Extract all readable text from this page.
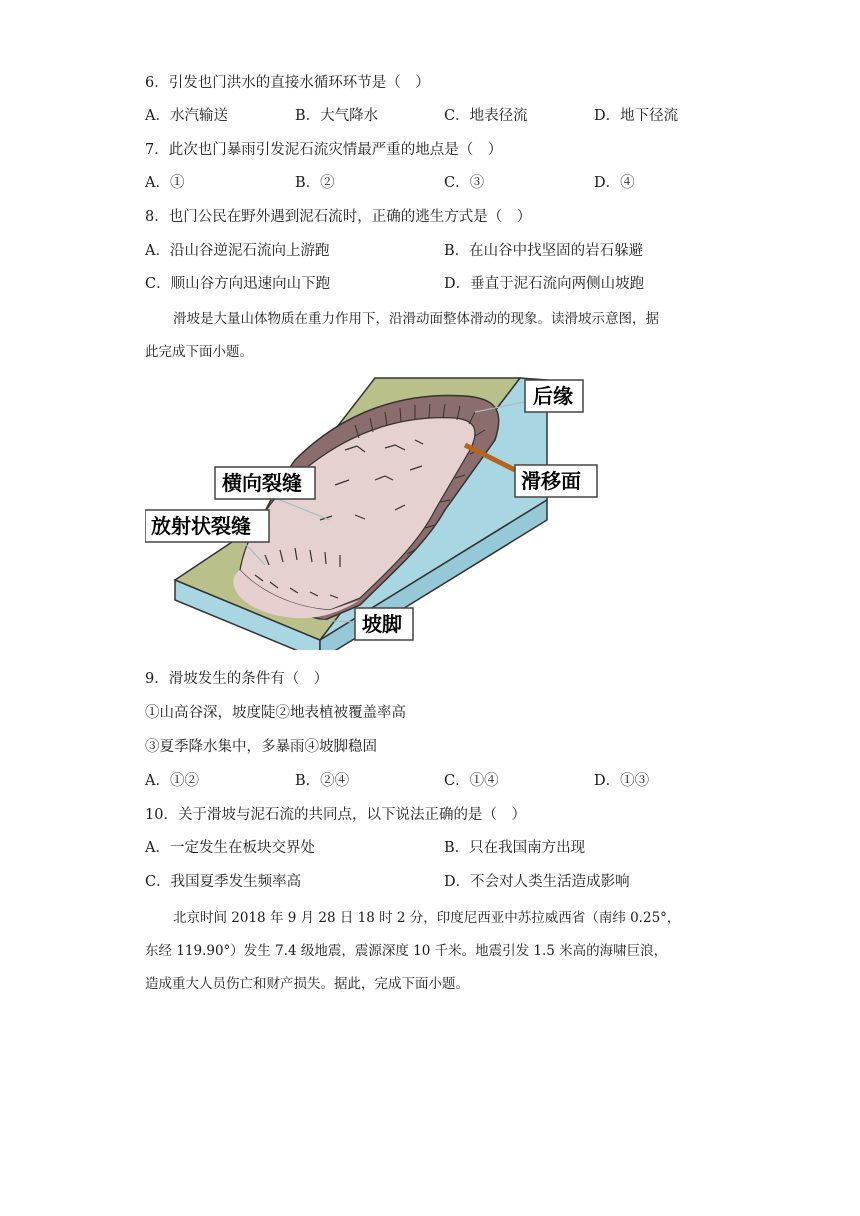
6．引发也门洪水的直接水循环环节是（　）
A．水汽输送	B．大气降水	C．地表径流	D．地下径流
7．此次也门暴雨引发泥石流灾情最严重的地点是（　）
A．①	B．②	C．③	D．④
8．也门公民在野外遇到泥石流时，正确的逃生方式是（　）
A．沿山谷逆泥石流向上游跑	B．在山谷中找坚固的岩石躲避
C．顺山谷方向迅速向山下跑	D．垂直于泥石流向两侧山坡跑
滑坡是大量山体物质在重力作用下，沿滑动面整体滑动的现象。读滑坡示意图，据
此完成下面小题。
后缘
横向裂缝	滑移面
放射状裂缝
坡脚
9．滑坡发生的条件有（　）
①山高谷深，坡度陡②地表植被覆盖率高
③夏季降水集中，多暴雨④坡脚稳固
A．①②	B．②④	C．①④	D．①③
10．关于滑坡与泥石流的共同点，以下说法正确的是（　）
A．一定发生在板块交界处	B．只在我国南方出现
C．我国夏季发生频率高	D．不会对人类生活造成影响
北京时间 2018 年 9 月 28 日 18 时 2 分，印度尼西亚中苏拉威西省（南纬 0.25°，
东经 119.90°）发生 7.4 级地震，震源深度 10 千米。地震引发 1.5 米高的海啸巨浪，
造成重大人员伤亡和财产损失。据此，完成下面小题。
